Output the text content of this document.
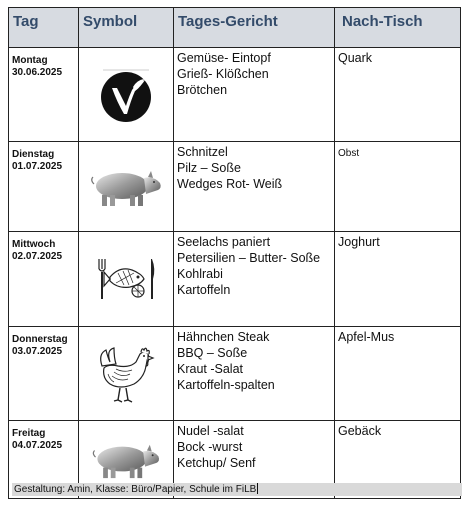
Tag	Symbol	Tages-Gericht	Nach-Tisch

Montag
30.06.2025		Gemüse- Eintopf
Grieß- Klößchen
Brötchen	Quark

Dienstag
01.07.2025		Schnitzel
Pilz – Soße
Wedges Rot- Weiß	Obst

Mittwoch
02.07.2025		Seelachs paniert
Petersilien – Butter- Soße
Kohlrabi
Kartoffeln	Joghurt

Donnerstag
03.07.2025		Hähnchen Steak
BBQ – Soße
Kraut -Salat
Kartoffeln-spalten	Apfel-Mus

Freitag
04.07.2025		Nudel -salat
Bock -wurst
Ketchup/ Senf	Gebäck
Gestaltung: Amin, Klasse: Büro/Papier, Schule im FiLB
